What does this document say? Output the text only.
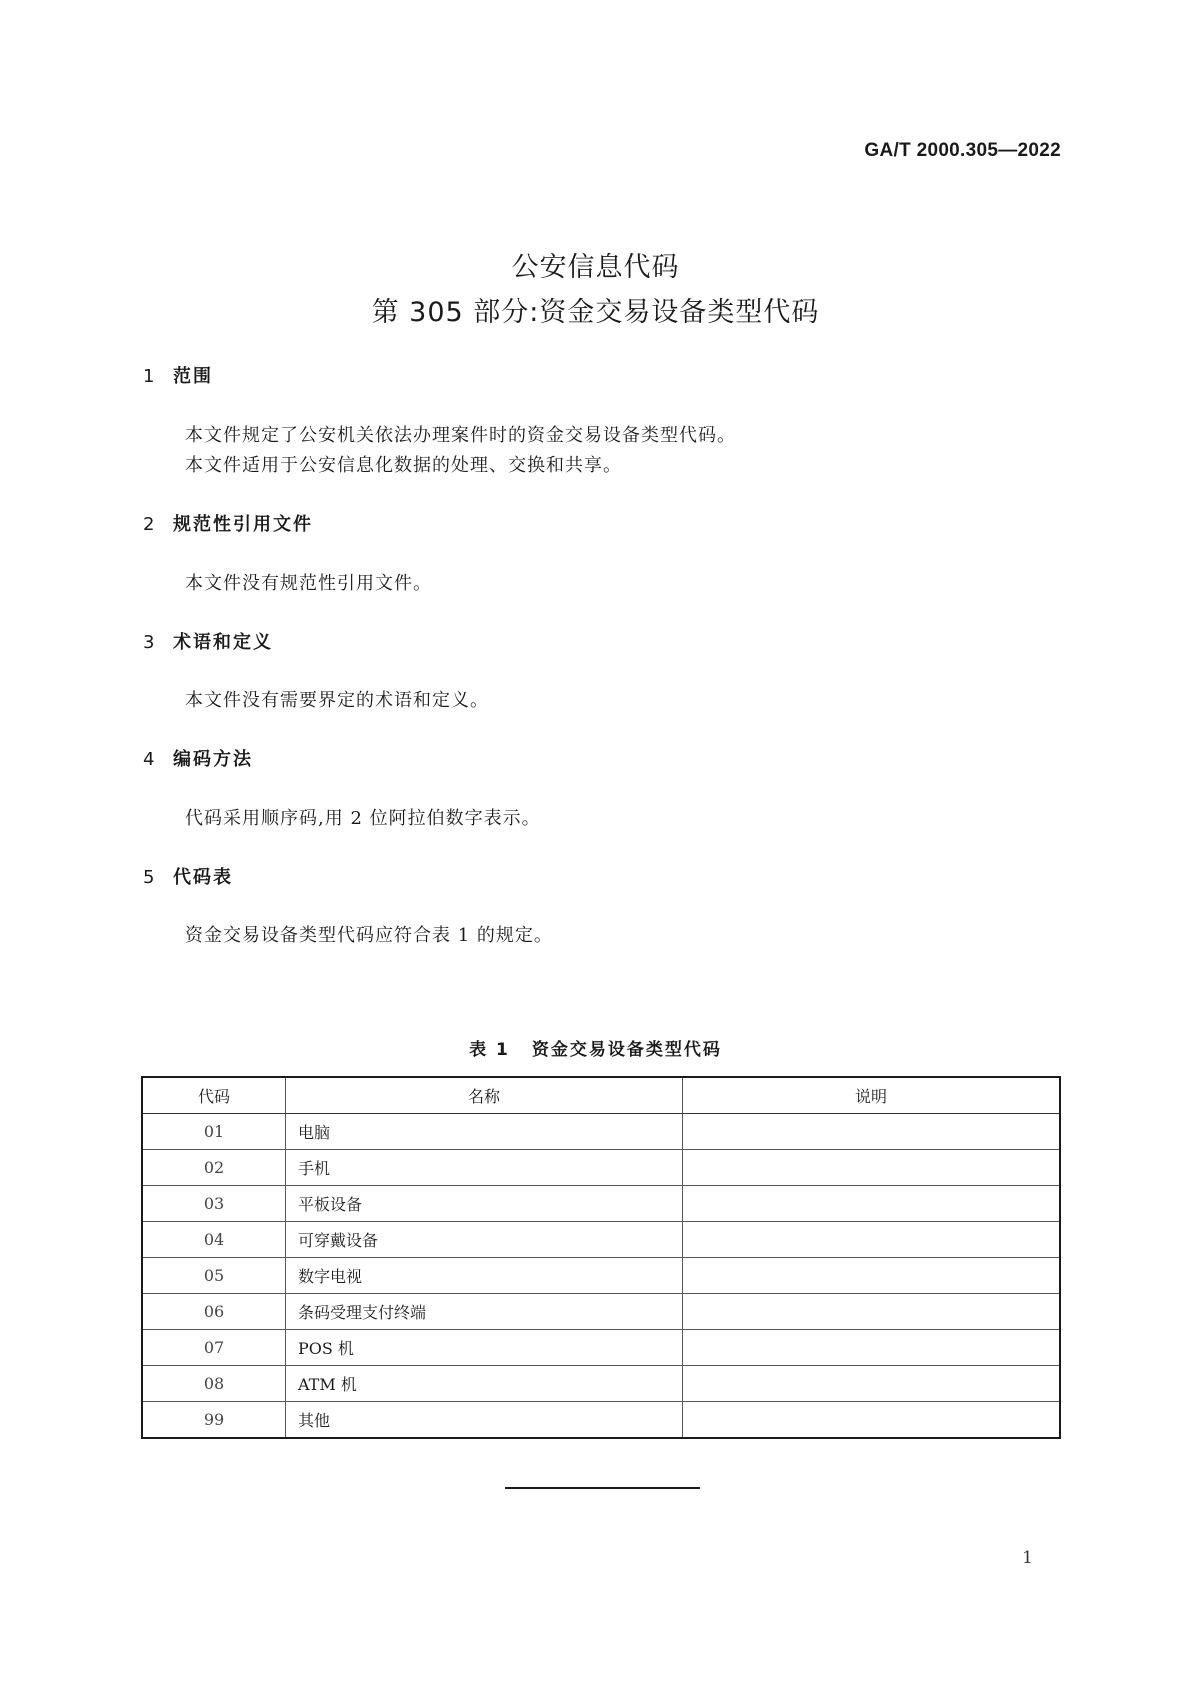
GA/T 2000.305—2022
公安信息代码
第 305 部分:资金交易设备类型代码
1 范围
本文件规定了公安机关依法办理案件时的资金交易设备类型代码。
本文件适用于公安信息化数据的处理、交换和共享。
2 规范性引用文件
本文件没有规范性引用文件。
3 术语和定义
本文件没有需要界定的术语和定义。
4 编码方法
代码采用顺序码,用 2 位阿拉伯数字表示。
5 代码表
资金交易设备类型代码应符合表 1 的规定。
表 1 资金交易设备类型代码
代码	名称	说明
01	电脑	
02	手机	
03	平板设备	
04	可穿戴设备	
05	数字电视	
06	条码受理支付终端	
07	POS 机	
08	ATM 机	
99	其他	
1
